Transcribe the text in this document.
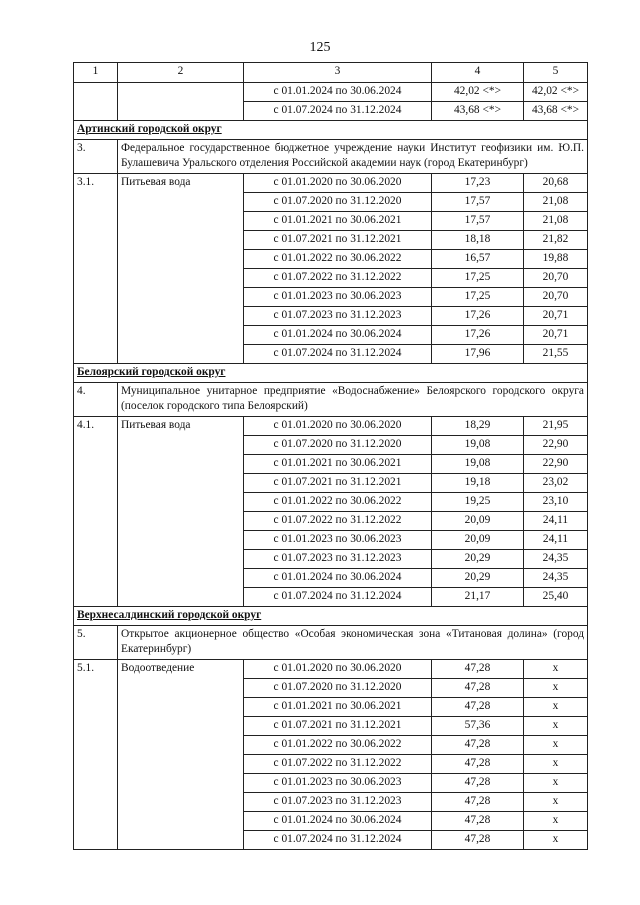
125
1	2	3	4	5
		с 01.01.2024 по 30.06.2024	42,02 <*>	42,02 <*>
		с 01.07.2024 по 31.12.2024	43,68 <*>	43,68 <*>
Артинский городской округ				
3.	Федеральное государственное бюджетное учреждение науки Институт геофизики им. Ю.П. Булашевича Уральского отделения Российской академии наук (город Екатеринбург)			
3.1.	Питьевая вода	с 01.01.2020 по 30.06.2020	17,23	20,68
		с 01.07.2020 по 31.12.2020	17,57	21,08
		с 01.01.2021 по 30.06.2021	17,57	21,08
		с 01.07.2021 по 31.12.2021	18,18	21,82
		с 01.01.2022 по 30.06.2022	16,57	19,88
		с 01.07.2022 по 31.12.2022	17,25	20,70
		с 01.01.2023 по 30.06.2023	17,25	20,70
		с 01.07.2023 по 31.12.2023	17,26	20,71
		с 01.01.2024 по 30.06.2024	17,26	20,71
		с 01.07.2024 по 31.12.2024	17,96	21,55
Белоярский городской округ				
4.	Муниципальное унитарное предприятие «Водоснабжение» Белоярского городского округа (поселок городского типа Белоярский)			
4.1.	Питьевая вода	с 01.01.2020 по 30.06.2020	18,29	21,95
		с 01.07.2020 по 31.12.2020	19,08	22,90
		с 01.01.2021 по 30.06.2021	19,08	22,90
		с 01.07.2021 по 31.12.2021	19,18	23,02
		с 01.01.2022 по 30.06.2022	19,25	23,10
		с 01.07.2022 по 31.12.2022	20,09	24,11
		с 01.01.2023 по 30.06.2023	20,09	24,11
		с 01.07.2023 по 31.12.2023	20,29	24,35
		с 01.01.2024 по 30.06.2024	20,29	24,35
		с 01.07.2024 по 31.12.2024	21,17	25,40
Верхнесалдинский городской округ				
5.	Открытое акционерное общество «Особая экономическая зона «Титановая долина» (город Екатеринбург)			
5.1.	Водоотведение	с 01.01.2020 по 30.06.2020	47,28	x
		с 01.07.2020 по 31.12.2020	47,28	x
		с 01.01.2021 по 30.06.2021	47,28	x
		с 01.07.2021 по 31.12.2021	57,36	x
		с 01.01.2022 по 30.06.2022	47,28	x
		с 01.07.2022 по 31.12.2022	47,28	x
		с 01.01.2023 по 30.06.2023	47,28	x
		с 01.07.2023 по 31.12.2023	47,28	x
		с 01.01.2024 по 30.06.2024	47,28	x
		с 01.07.2024 по 31.12.2024	47,28	x
